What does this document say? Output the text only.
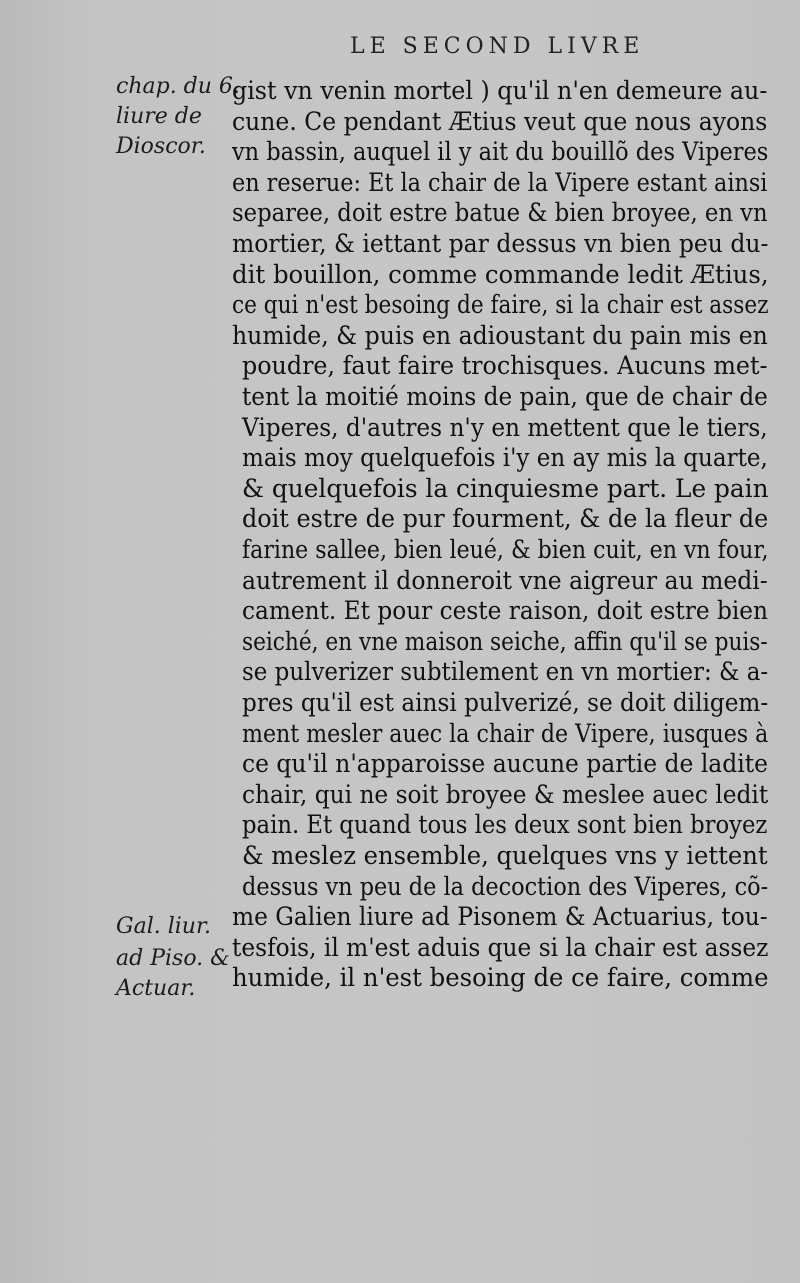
LE SECOND LIVRE
chap. du 6.
liure de
Dioscor.
Gal. liur.
ad Piso. &
Actuar.
gist vn venin mortel ) qu'il n'en demeure au-
cune. Ce pendant Ætius veut que nous ayons
vn bassin, auquel il y ait du bouillõ des Viperes
en reserue: Et la chair de la Vipere estant ainsi
separee, doit estre batue & bien broyee, en vn
mortier, & iettant par dessus vn bien peu du-
dit bouillon, comme commande ledit Ætius,
ce qui n'est besoing de faire, si la chair est assez
humide, & puis en adioustant du pain mis en
poudre, faut faire trochisques. Aucuns met-
tent la moitié moins de pain, que de chair de
Viperes, d'autres n'y en mettent que le tiers,
mais moy quelquefois i'y en ay mis la quarte,
& quelquefois la cinquiesme part. Le pain
doit estre de pur fourment, & de la fleur de
farine sallee, bien leué, & bien cuit, en vn four,
autrement il donneroit vne aigreur au medi-
cament. Et pour ceste raison, doit estre bien
seiché, en vne maison seiche, affin qu'il se puis-
se pulverizer subtilement en vn mortier: & a-
pres qu'il est ainsi pulverizé, se doit diligem-
ment mesler auec la chair de Vipere, iusques à
ce qu'il n'apparoisse aucune partie de ladite
chair, qui ne soit broyee & meslee auec ledit
pain. Et quand tous les deux sont bien broyez
& meslez ensemble, quelques vns y iettent
dessus vn peu de la decoction des Viperes, cõ-
me Galien liure ad Pisonem & Actuarius, tou-
tesfois, il m'est aduis que si la chair est assez
humide, il n'est besoing de ce faire, comme
